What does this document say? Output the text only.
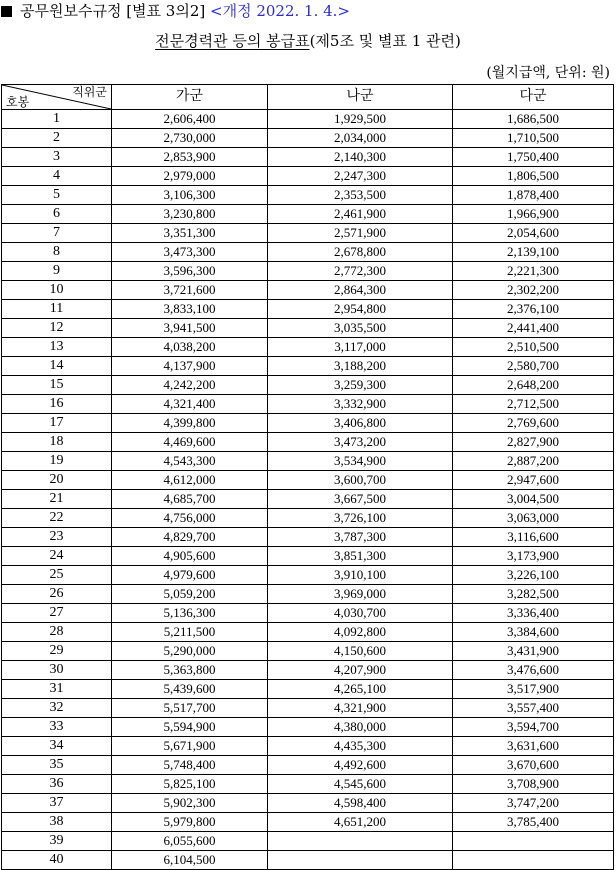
공무원보수규정 [별표 3의2] <개정 2022. 1. 4.>
전문경력관 등의 봉급표(제5조 및 별표 1 관련)
(월지급액, 단위: 원)
직위군
호봉	가군	나군	다군
1	2,606,400	1,929,500	1,686,500
2	2,730,000	2,034,000	1,710,500
3	2,853,900	2,140,300	1,750,400
4	2,979,000	2,247,300	1,806,500
5	3,106,300	2,353,500	1,878,400
6	3,230,800	2,461,900	1,966,900
7	3,351,300	2,571,900	2,054,600
8	3,473,300	2,678,800	2,139,100
9	3,596,300	2,772,300	2,221,300
10	3,721,600	2,864,300	2,302,200
11	3,833,100	2,954,800	2,376,100
12	3,941,500	3,035,500	2,441,400
13	4,038,200	3,117,000	2,510,500
14	4,137,900	3,188,200	2,580,700
15	4,242,200	3,259,300	2,648,200
16	4,321,400	3,332,900	2,712,500
17	4,399,800	3,406,800	2,769,600
18	4,469,600	3,473,200	2,827,900
19	4,543,300	3,534,900	2,887,200
20	4,612,000	3,600,700	2,947,600
21	4,685,700	3,667,500	3,004,500
22	4,756,000	3,726,100	3,063,000
23	4,829,700	3,787,300	3,116,600
24	4,905,600	3,851,300	3,173,900
25	4,979,600	3,910,100	3,226,100
26	5,059,200	3,969,000	3,282,500
27	5,136,300	4,030,700	3,336,400
28	5,211,500	4,092,800	3,384,600
29	5,290,000	4,150,600	3,431,900
30	5,363,800	4,207,900	3,476,600
31	5,439,600	4,265,100	3,517,900
32	5,517,700	4,321,900	3,557,400
33	5,594,900	4,380,000	3,594,700
34	5,671,900	4,435,300	3,631,600
35	5,748,400	4,492,600	3,670,600
36	5,825,100	4,545,600	3,708,900
37	5,902,300	4,598,400	3,747,200
38	5,979,800	4,651,200	3,785,400
39	6,055,600		
40	6,104,500		
